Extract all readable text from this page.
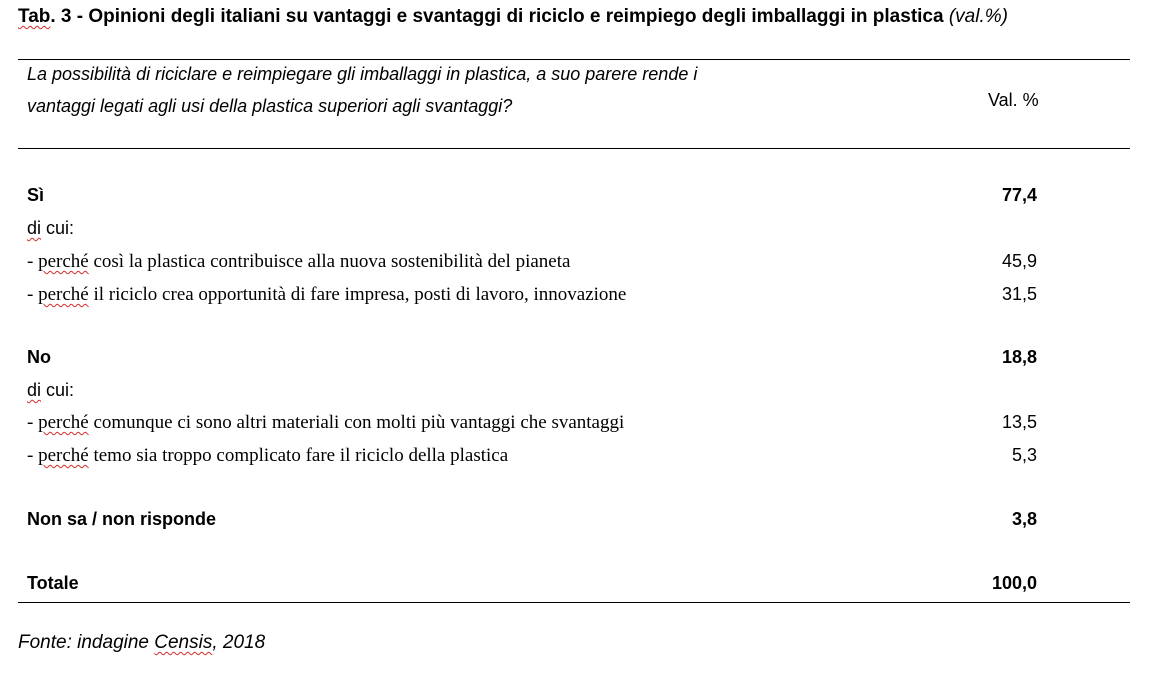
Tab. 3 - Opinioni degli italiani su vantaggi e svantaggi di riciclo e reimpiego degli imballaggi in plastica (val.%)
La possibilità di riciclare e reimpiegare gli imballaggi in plastica, a suo parere rende i
vantaggi legati agli usi della plastica superiori agli svantaggi?	Val. %
Sì	77,4
di cui:
- perché così la plastica contribuisce alla nuova sostenibilità del pianeta	45,9
- perché il riciclo crea opportunità di fare impresa, posti di lavoro, innovazione	31,5
No	18,8
di cui:
- perché comunque ci sono altri materiali con molti più vantaggi che svantaggi	13,5
- perché temo sia troppo complicato fare il riciclo della plastica	5,3
Non sa / non risponde	3,8
Totale	100,0
Fonte: indagine Censis, 2018
